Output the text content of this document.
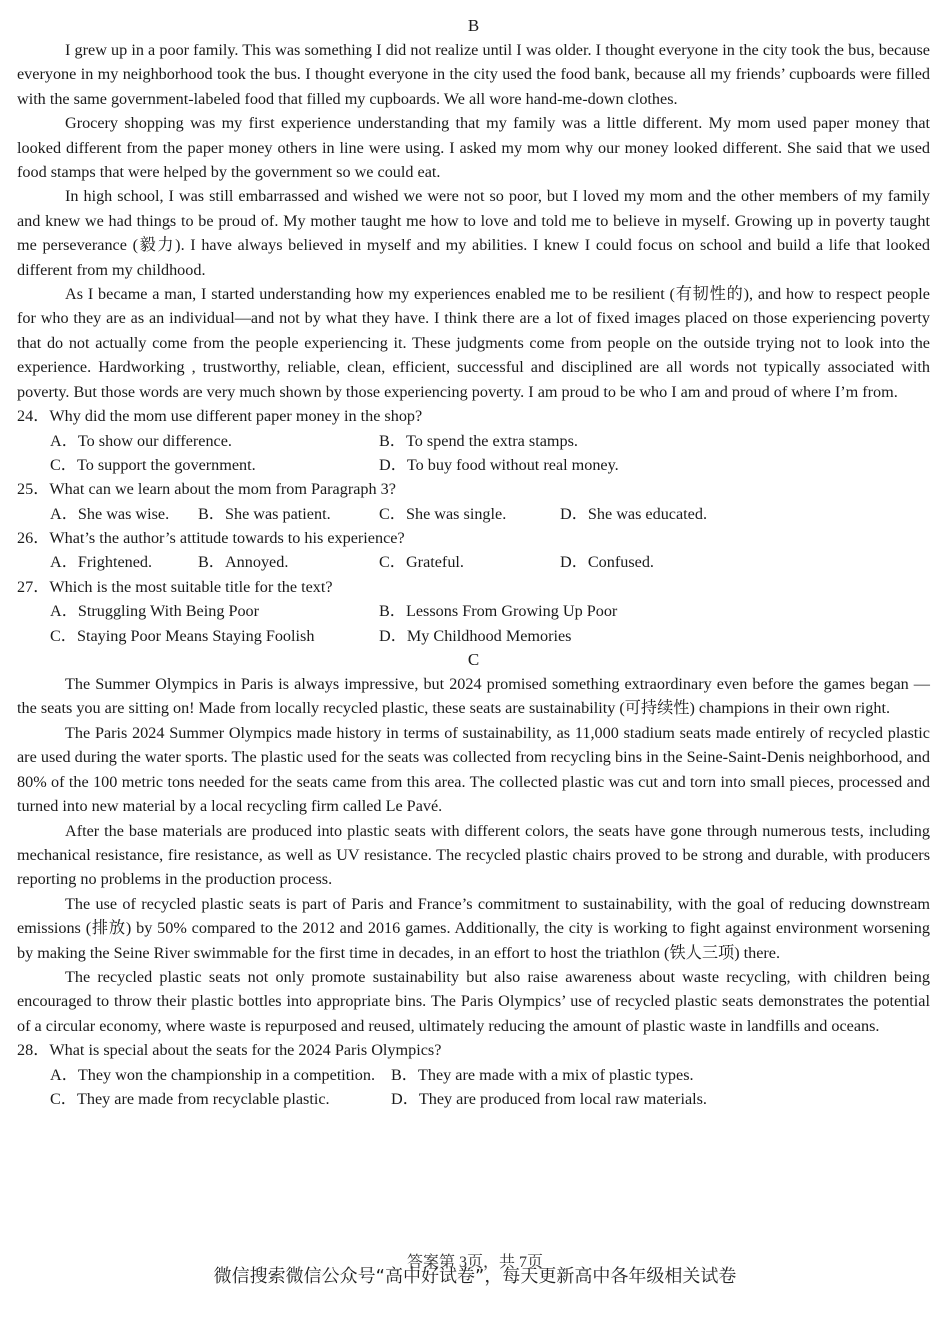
B

I grew up in a poor family. This was something I did not realize until I was older. I thought everyone in the city took the bus, because everyone in my neighborhood took the bus. I thought everyone in the city used the food bank, because all my friends’ cupboards were filled with the same government-labeled food that filled my cupboards. We all wore hand-me-down clothes.

Grocery shopping was my first experience understanding that my family was a little different. My mom used paper money that looked different from the paper money others in line were using. I asked my mom why our money looked different. She said that we used food stamps that were helped by the government so we could eat.

In high school, I was still embarrassed and wished we were not so poor, but I loved my mom and the other members of my family and knew we had things to be proud of. My mother taught me how to love and told me to believe in myself. Growing up in poverty taught me perseverance (毅力). I have always believed in myself and my abilities. I knew I could focus on school and build a life that looked different from my childhood.

As I became a man, I started understanding how my experiences enabled me to be resilient (有韧性的), and how to respect people for who they are as an individual—and not by what they have. I think there are a lot of fixed images placed on those experiencing poverty that do not actually come from the people experiencing it. These judgments come from people on the outside trying not to look into the experience. Hardworking , trustworthy, reliable, clean, efficient, successful and disciplined are all words not typically associated with poverty. But those words are very much shown by those experiencing poverty. I am proud to be who I am and proud of where I’m from.

24．Why did the mom use different paper money in the shop?
A．To show our difference.	B．To spend the extra stamps.
C．To support the government.	D．To buy food without real money.
25．What can we learn about the mom from Paragraph 3?
A．She was wise. B．She was patient.	C．She was single.	D．She was educated.
26．What’s the author’s attitude towards to his experience?
A．Frightened.	B．Annoyed.	C．Grateful.	D．Confused.
27．Which is the most suitable title for the text?
A．Struggling With Being Poor	B．Lessons From Growing Up Poor
C．Staying Poor Means Staying Foolish	D．My Childhood Memories
C

The Summer Olympics in Paris is always impressive, but 2024 promised something extraordinary even before the games began — the seats you are sitting on! Made from locally recycled plastic, these seats are sustainability (可持续性) champions in their own right.

The Paris 2024 Summer Olympics made history in terms of sustainability, as 11,000 stadium seats made entirely of recycled plastic are used during the water sports. The plastic used for the seats was collected from recycling bins in the Seine-Saint-Denis neighborhood, and 80% of the 100 metric tons needed for the seats came from this area. The collected plastic was cut and torn into small pieces, processed and turned into new material by a local recycling firm called Le Pavé.

After the base materials are produced into plastic seats with different colors, the seats have gone through numerous tests, including mechanical resistance, fire resistance, as well as UV resistance. The recycled plastic chairs proved to be strong and durable, with producers reporting no problems in the production process.

The use of recycled plastic seats is part of Paris and France’s commitment to sustainability, with the goal of reducing downstream emissions (排放) by 50% compared to the 2012 and 2016 games. Additionally, the city is working to fight against environment worsening by making the Seine River swimmable for the first time in decades, in an effort to host the triathlon (铁人三项) there.

The recycled plastic seats not only promote sustainability but also raise awareness about waste recycling, with children being encouraged to throw their plastic bottles into appropriate bins. The Paris Olympics’ use of recycled plastic seats demonstrates the potential of a circular economy, where waste is repurposed and reused, ultimately reducing the amount of plastic waste in landfills and oceans.

28．What is special about the seats for the 2024 Paris Olympics?
A．They won the championship in a competition. B．They are made with a mix of plastic types.
C．They are made from recyclable plastic.	D．They are produced from local raw materials.
答案第 3页，共 7页
微信搜索微信公众号“高中好试卷”，每天更新高中各年级相关试卷
